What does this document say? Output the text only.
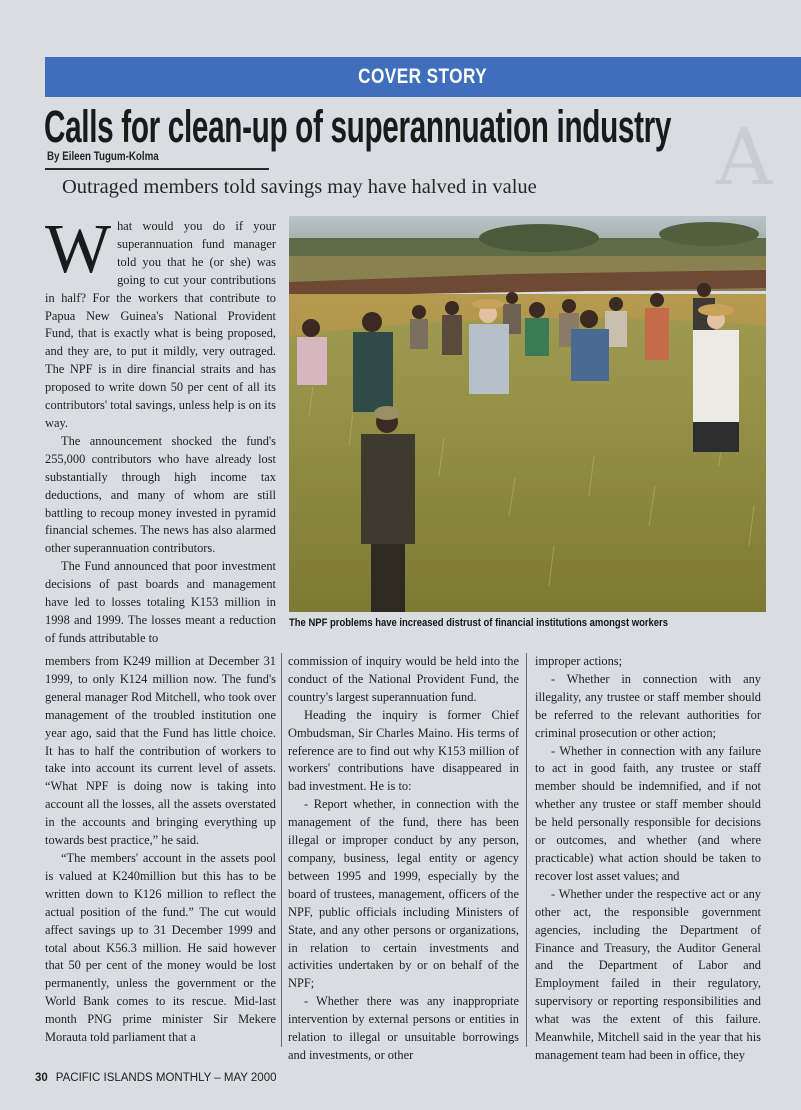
A
COVER STORY
Calls for clean-up of superannuation industry
By Eileen Tugum-Kolma
Outraged members told savings may have halved in value

What would you do if your superannuation fund manager told you that he (or she) was going to cut your contributions in half? For the workers that contribute to Papua New Guinea's National Provident Fund, that is exactly what is being proposed, and they are, to put it mildly, very outraged. The NPF is in dire financial straits and has proposed to write down 50 per cent of all its contributors' total savings, unless help is on its way.

The announcement shocked the fund's 255,000 contributors who have already lost substantially through high income tax deductions, and many of whom are still battling to recoup money invested in pyramid financial schemes. The news has also alarmed other superannuation contributors.

The Fund announced that poor investment decisions of past boards and management have led to losses totaling K153 million in 1998 and 1999. The losses meant a reduction of funds attributable to

The NPF problems have increased distrust of financial institutions amongst workers

members from K249 million at December 31 1999, to only K124 million now. The fund's general manager Rod Mitchell, who took over management of the troubled institution one year ago, said that the Fund has little choice. It has to half the contribution of workers to take into account its current level of assets. “What NPF is doing now is taking into account all the losses, all the assets overstated in the accounts and bringing everything up towards best practice,” he said.

“The members' account in the assets pool is valued at K240million but this has to be written down to K126 million to reflect the actual position of the fund.” The cut would affect savings up to 31 December 1999 and total about K56.3 million. He said however that 50 per cent of the money would be lost permanently, unless the government or the World Bank comes to its rescue. Mid-last month PNG prime minister Sir Mekere Morauta told parliament that a

commission of inquiry would be held into the conduct of the National Provident Fund, the country's largest superannuation fund.

Heading the inquiry is former Chief Ombudsman, Sir Charles Maino. His terms of reference are to find out why K153 million of workers' contributions have disappeared in bad investment. He is to:

- Report whether, in connection with the management of the fund, there has been illegal or improper conduct by any person, company, business, legal entity or agency between 1995 and 1999, especially by the board of trustees, management, officers of the NPF, public officials including Ministers of State, and any other persons or organizations, in relation to certain investments and activities undertaken by or on behalf of the NPF;

- Whether there was any inappropriate intervention by external persons or entities in relation to illegal or unsuitable borrowings and investments, or other

improper actions;

- Whether in connection with any illegality, any trustee or staff member should be referred to the relevant authorities for criminal prosecution or other action;

- Whether in connection with any failure to act in good faith, any trustee or staff member should be indemnified, and if not whether any trustee or staff member should be held personally responsible for decisions or outcomes, and whether (and where practicable) what action should be taken to recover lost asset values; and

- Whether under the respective act or any other act, the responsible government agencies, including the Department of Finance and Treasury, the Auditor General and the Department of Labor and Employment failed in their regulatory, supervisory or reporting responsibilities and what was the extent of this failure. Meanwhile, Mitchell said in the year that his management team had been in office, they

30 PACIFIC ISLANDS MONTHLY – MAY 2000
